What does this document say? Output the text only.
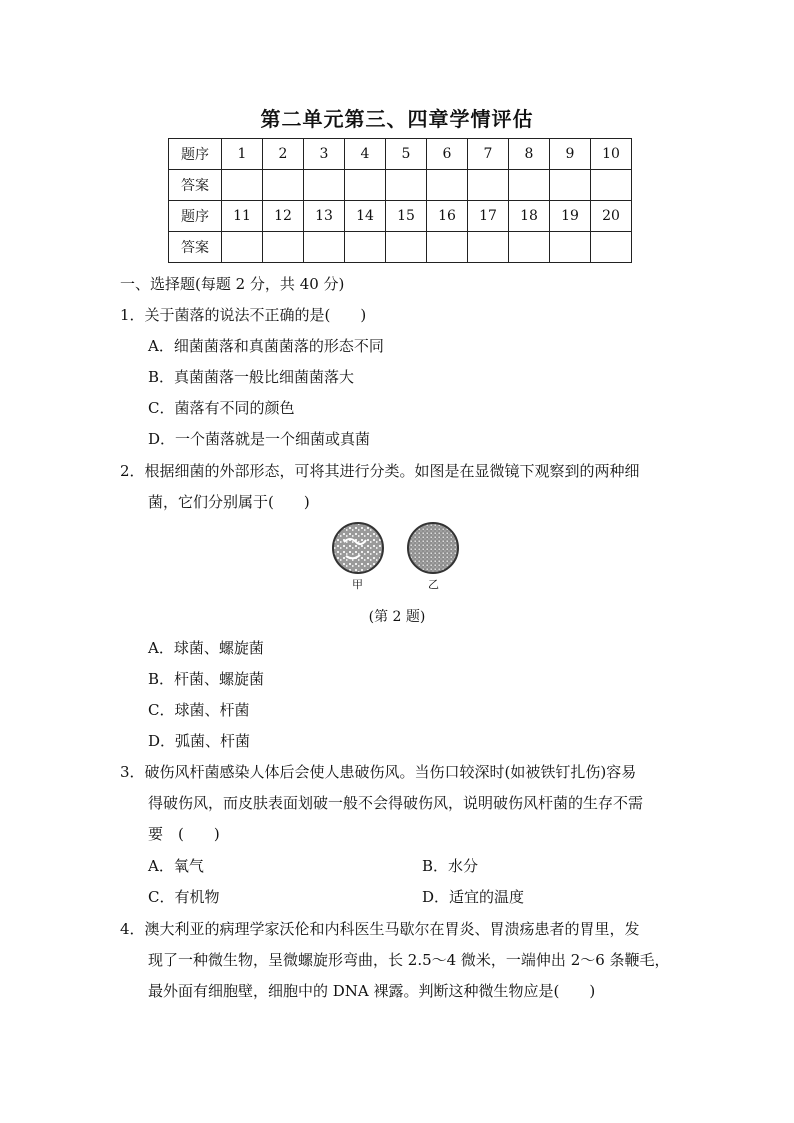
第二单元第三、四章学情评估
题序	1	2	3	4	5	6	7	8	9	10
答案										
题序	11	12	13	14	15	16	17	18	19	20
答案										
一、选择题(每题 2 分，共 40 分)
1．关于菌落的说法不正确的是(　　)
A．细菌菌落和真菌菌落的形态不同
B．真菌菌落一般比细菌菌落大
C．菌落有不同的颜色
D．一个菌落就是一个细菌或真菌
2．根据细菌的外部形态，可将其进行分类。如图是在显微镜下观察到的两种细
菌，它们分别属于(　　)
甲	乙
(第 2 题)
A．球菌、螺旋菌
B．杆菌、螺旋菌
C．球菌、杆菌
D．弧菌、杆菌
3．破伤风杆菌感染人体后会使人患破伤风。当伤口较深时(如被铁钉扎伤)容易
得破伤风，而皮肤表面划破一般不会得破伤风，说明破伤风杆菌的生存不需
要　(　　)
A．氧气	B．水分
C．有机物	D．适宜的温度
4．澳大利亚的病理学家沃伦和内科医生马歇尔在胃炎、胃溃疡患者的胃里，发
现了一种微生物，呈微螺旋形弯曲，长 2.5～4 微米，一端伸出 2～6 条鞭毛，
最外面有细胞壁，细胞中的 DNA 裸露。判断这种微生物应是(　　)
